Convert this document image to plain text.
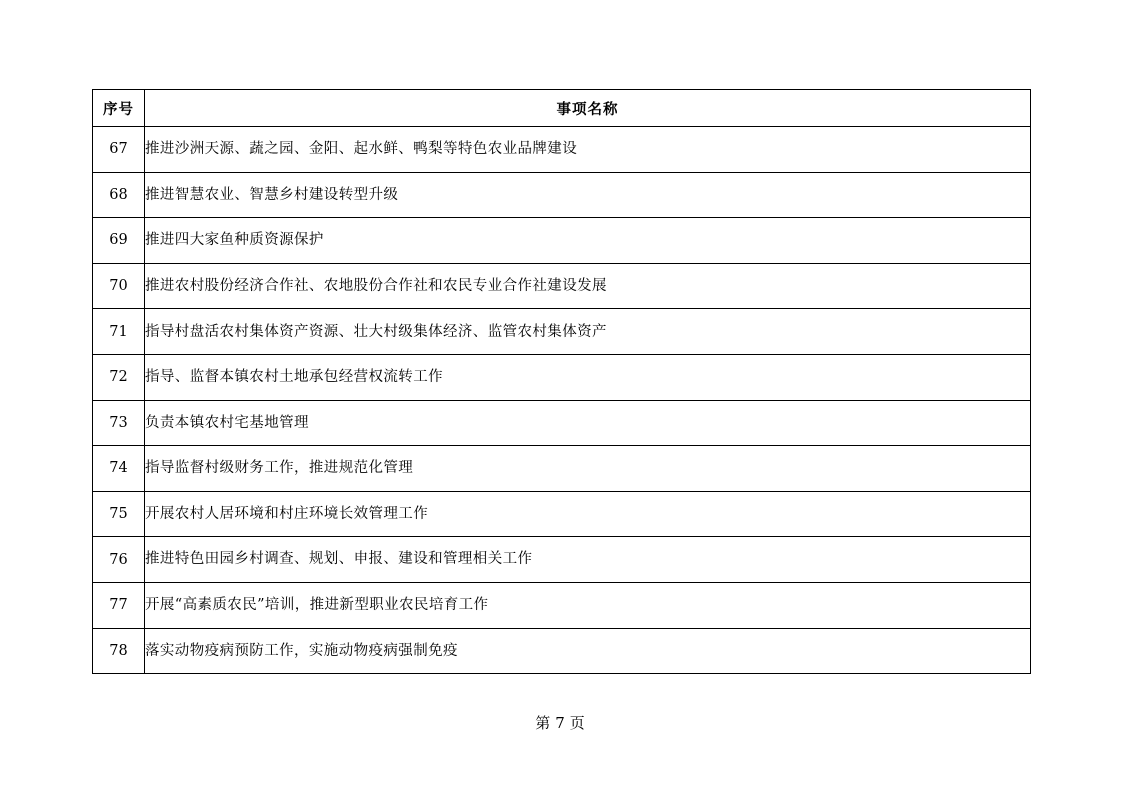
序号	事项名称
67	推进沙洲天源、蔬之园、金阳、起水鲜、鸭梨等特色农业品牌建设
68	推进智慧农业、智慧乡村建设转型升级
69	推进四大家鱼种质资源保护
70	推进农村股份经济合作社、农地股份合作社和农民专业合作社建设发展
71	指导村盘活农村集体资产资源、壮大村级集体经济、监管农村集体资产
72	指导、监督本镇农村土地承包经营权流转工作
73	负责本镇农村宅基地管理
74	指导监督村级财务工作，推进规范化管理
75	开展农村人居环境和村庄环境长效管理工作
76	推进特色田园乡村调查、规划、申报、建设和管理相关工作
77	开展“高素质农民”培训，推进新型职业农民培育工作
78	落实动物疫病预防工作，实施动物疫病强制免疫
第 7 页
